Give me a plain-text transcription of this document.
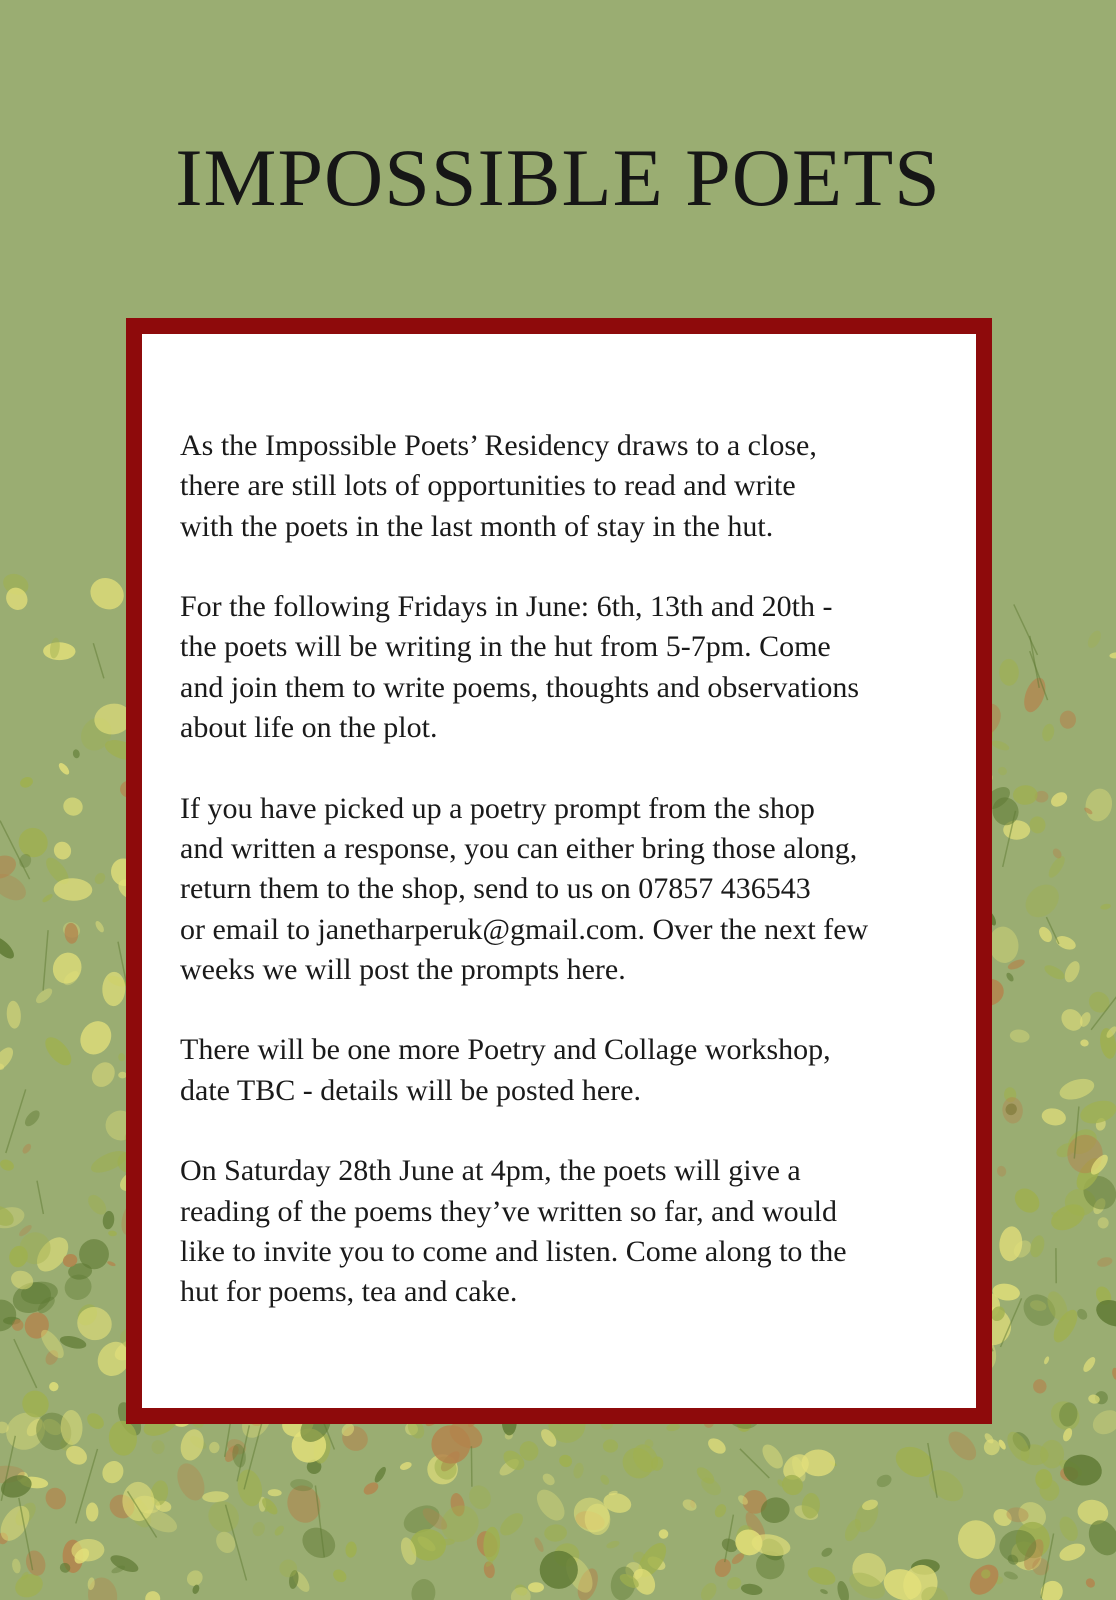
IMPOSSIBLE POETS

As the Impossible Poets’ Residency draws to a close,
there are still lots of opportunities to read and write
with the poets in the last month of stay in the hut.

For the following Fridays in June: 6th, 13th and 20th -
the poets will be writing in the hut from 5-7pm. Come
and join them to write poems, thoughts and observations
about life on the plot.

If you have picked up a poetry prompt from the shop
and written a response, you can either bring those along,
return them to the shop, send to us on 07857 436543
or email to janetharperuk@gmail.com. Over the next few
weeks we will post the prompts here.

There will be one more Poetry and Collage workshop,
date TBC - details will be posted here.

On Saturday 28th June at 4pm, the poets will give a
reading of the poems they’ve written so far, and would
like to invite you to come and listen. Come along to the
hut for poems, tea and cake.
